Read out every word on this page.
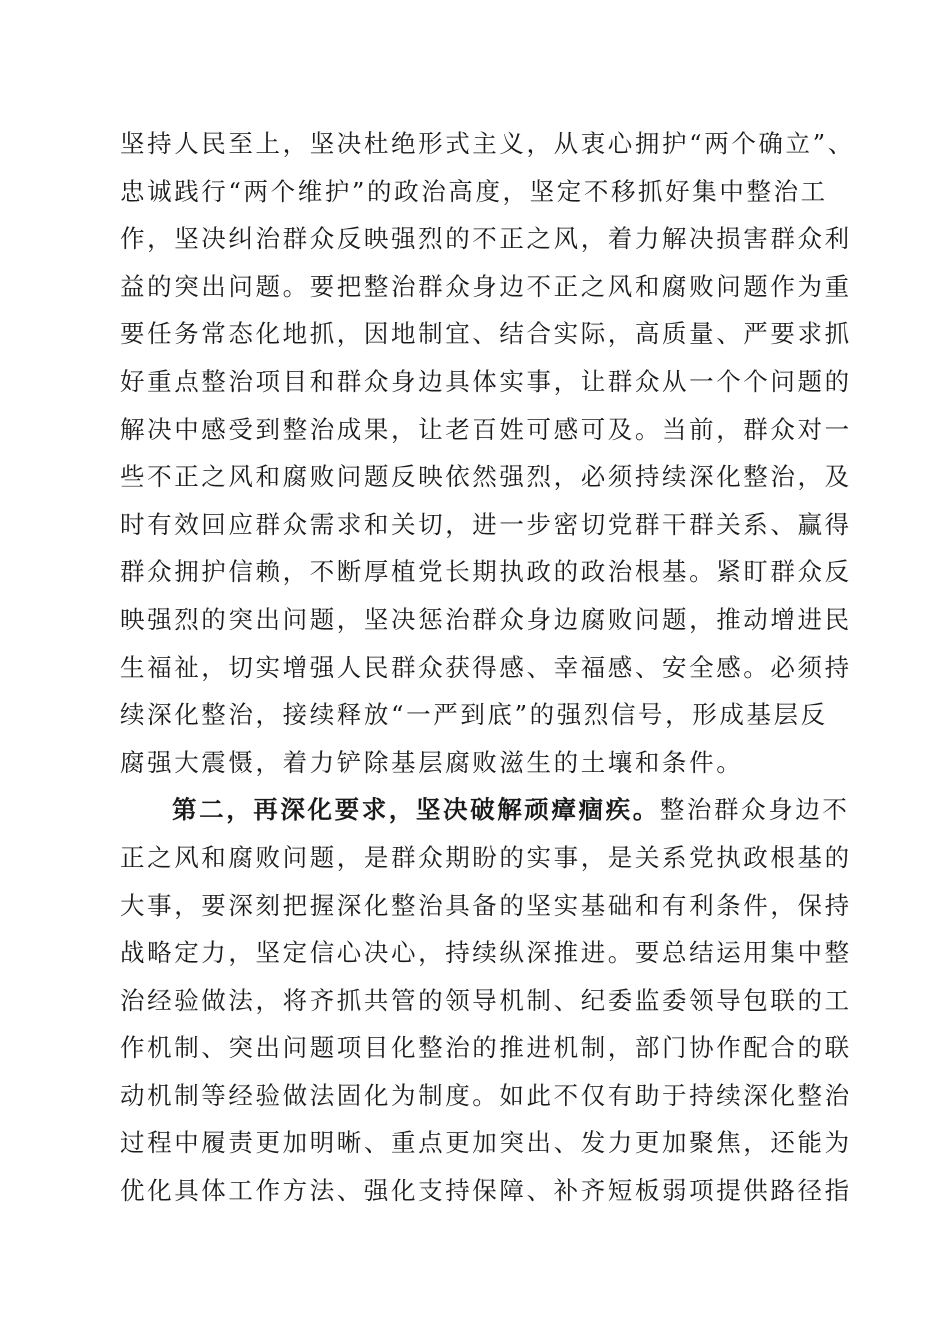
坚持人民至上，坚决杜绝形式主义，从衷心拥护“两个确立”、
忠诚践行“两个维护”的政治高度，坚定不移抓好集中整治工
作，坚决纠治群众反映强烈的不正之风，着力解决损害群众利
益的突出问题。要把整治群众身边不正之风和腐败问题作为重
要任务常态化地抓，因地制宜、结合实际，高质量、严要求抓
好重点整治项目和群众身边具体实事，让群众从一个个问题的
解决中感受到整治成果，让老百姓可感可及。当前，群众对一
些不正之风和腐败问题反映依然强烈，必须持续深化整治，及
时有效回应群众需求和关切，进一步密切党群干群关系、赢得
群众拥护信赖，不断厚植党长期执政的政治根基。紧盯群众反
映强烈的突出问题，坚决惩治群众身边腐败问题，推动增进民
生福祉，切实增强人民群众获得感、幸福感、安全感。必须持
续深化整治，接续释放“一严到底”的强烈信号，形成基层反
腐强大震慑，着力铲除基层腐败滋生的土壤和条件。
第二，再深化要求，坚决破解顽瘴痼疾。整治群众身边不
正之风和腐败问题，是群众期盼的实事，是关系党执政根基的
大事，要深刻把握深化整治具备的坚实基础和有利条件，保持
战略定力，坚定信心决心，持续纵深推进。要总结运用集中整
治经验做法，将齐抓共管的领导机制、纪委监委领导包联的工
作机制、突出问题项目化整治的推进机制，部门协作配合的联
动机制等经验做法固化为制度。如此不仅有助于持续深化整治
过程中履责更加明晰、重点更加突出、发力更加聚焦，还能为
优化具体工作方法、强化支持保障、补齐短板弱项提供路径指
